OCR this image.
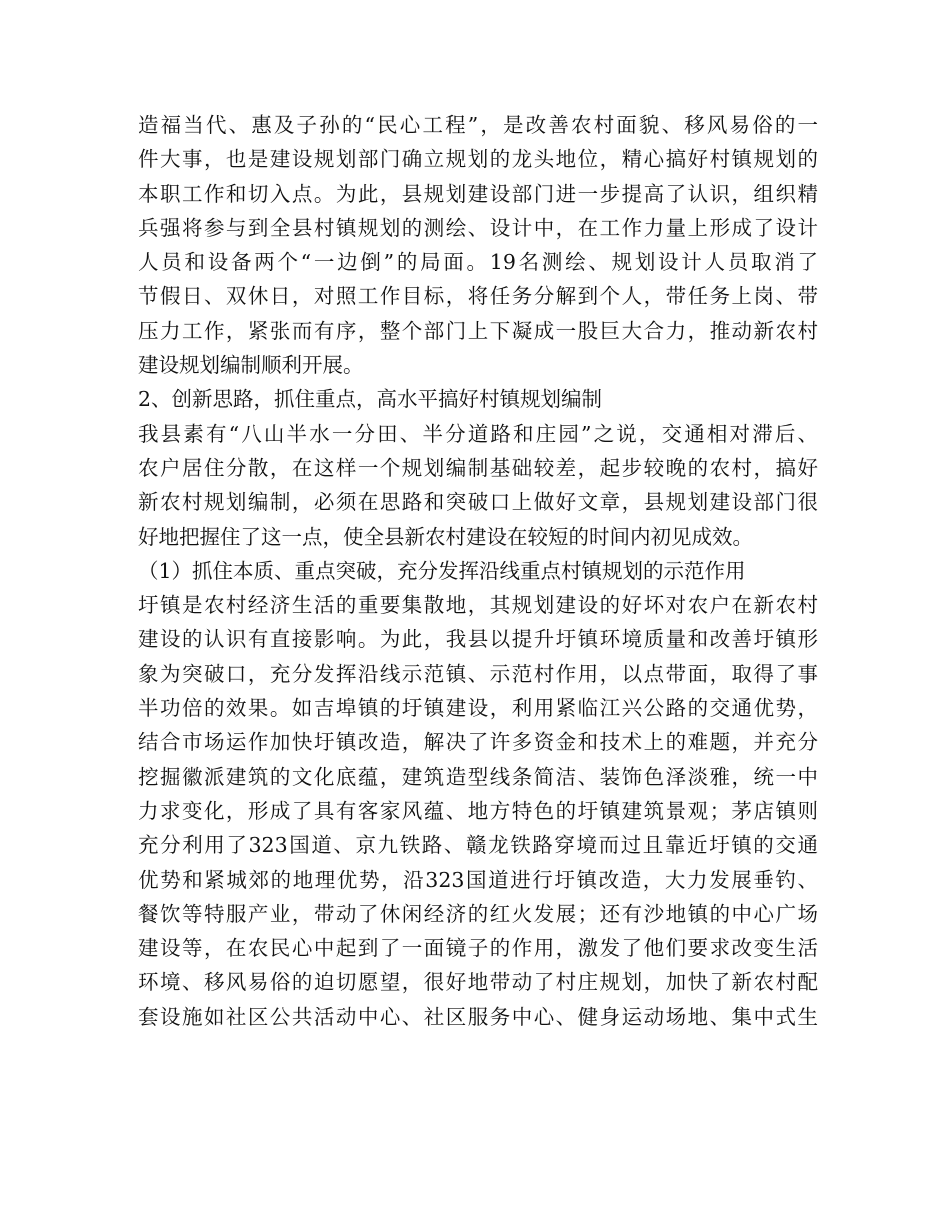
造福当代、惠及子孙的“民心工程”，是改善农村面貌、移风易俗的一
件大事，也是建设规划部门确立规划的龙头地位，精心搞好村镇规划的
本职工作和切入点。为此，县规划建设部门进一步提高了认识，组织精
兵强将参与到全县村镇规划的测绘、设计中，在工作力量上形成了设计
人员和设备两个“一边倒”的局面。19名测绘、规划设计人员取消了
节假日、双休日，对照工作目标，将任务分解到个人，带任务上岗、带
压力工作，紧张而有序，整个部门上下凝成一股巨大合力，推动新农村
建设规划编制顺利开展。
2、创新思路，抓住重点，高水平搞好村镇规划编制
我县素有“八山半水一分田、半分道路和庄园”之说，交通相对滞后、
农户居住分散，在这样一个规划编制基础较差，起步较晚的农村，搞好
新农村规划编制，必须在思路和突破口上做好文章，县规划建设部门很
好地把握住了这一点，使全县新农村建设在较短的时间内初见成效。
（1）抓住本质、重点突破，充分发挥沿线重点村镇规划的示范作用
圩镇是农村经济生活的重要集散地，其规划建设的好坏对农户在新农村
建设的认识有直接影响。为此，我县以提升圩镇环境质量和改善圩镇形
象为突破口，充分发挥沿线示范镇、示范村作用，以点带面，取得了事
半功倍的效果。如吉埠镇的圩镇建设，利用紧临江兴公路的交通优势，
结合市场运作加快圩镇改造，解决了许多资金和技术上的难题，并充分
挖掘徽派建筑的文化底蕴，建筑造型线条简洁、装饰色泽淡雅，统一中
力求变化，形成了具有客家风蕴、地方特色的圩镇建筑景观；茅店镇则
充分利用了323国道、京九铁路、赣龙铁路穿境而过且靠近圩镇的交通
优势和紧城郊的地理优势，沿323国道进行圩镇改造，大力发展垂钓、
餐饮等特服产业，带动了休闲经济的红火发展；还有沙地镇的中心广场
建设等，在农民心中起到了一面镜子的作用，激发了他们要求改变生活
环境、移风易俗的迫切愿望，很好地带动了村庄规划，加快了新农村配
套设施如社区公共活动中心、社区服务中心、健身运动场地、集中式生
